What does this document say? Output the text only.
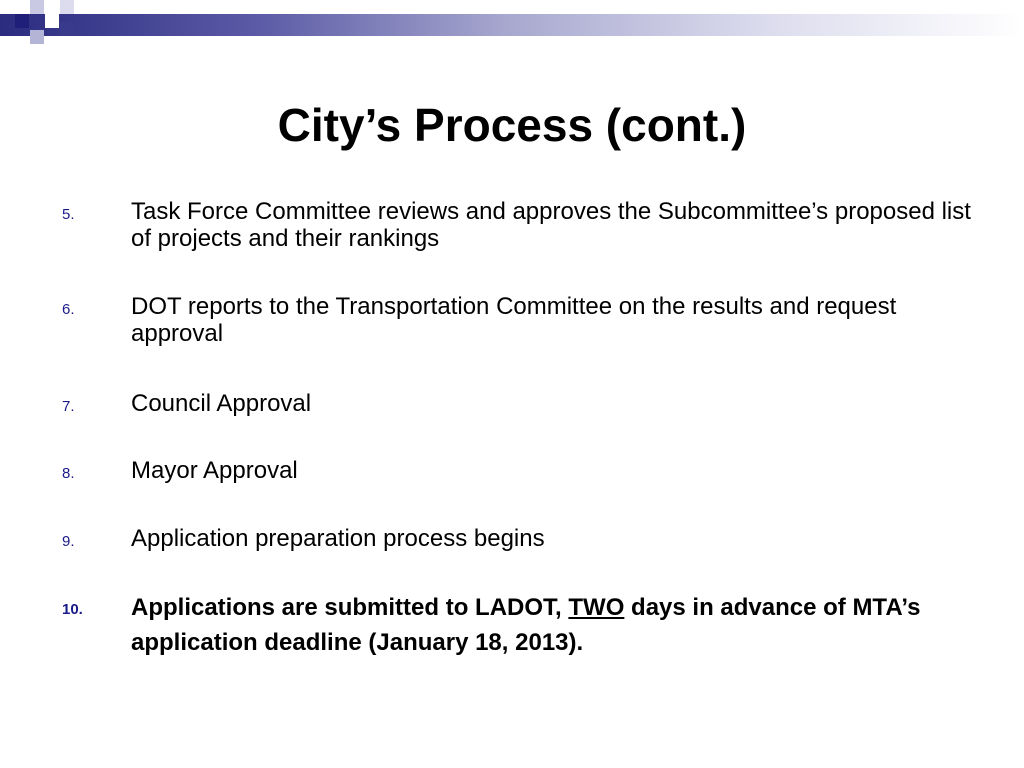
City’s Process (cont.)
5. Task Force Committee reviews and approves the Subcommittee’s proposed list of projects and their rankings
6. DOT reports to the Transportation Committee on the results and request approval
7. Council Approval
8. Mayor Approval
9. Application preparation process begins
10. Applications are submitted to LADOT, TWO days in advance of MTA’s application deadline (January 18, 2013).
